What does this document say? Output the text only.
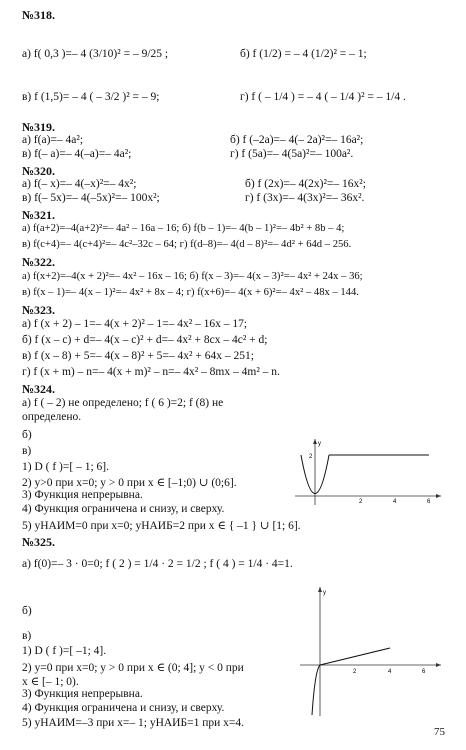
№318.
а) f( 0,3 )=– 4 (3/10)² = – 9/25 ;	б) f (1/2) = – 4 (1/2)² = – 1;
в) f (1,5)= – 4 ( – 3/2 )² = – 9;	г) f ( – 1/4 ) = – 4 ( – 1/4 )² = – 1/4 .
№319.
а) f(a)=– 4a²;	б) f (–2a)=– 4(– 2a)²=– 16a²;
в) f(– a)=– 4(–a)=– 4a²;	г) f (5a)=– 4(5a)²=– 100a².
№320.
а) f(– x)=– 4(–x)²=– 4x²;	б) f (2x)=– 4(2x)²=– 16x²;
в) f(– 5x)=– 4(–5x)²=– 100x²;	г) f (3x)=– 4(3x)²=– 36x².
№321.
а) f(a+2)=–4(a+2)²=– 4a² – 16a – 16; б) f(b – 1)=– 4(b – 1)²=– 4b² + 8b – 4;
в) f(c+4)=– 4(c+4)²=– 4c²–32c – 64; г) f(d–8)=– 4(d – 8)²=– 4d² + 64d – 256.
№322.
а) f(x+2)=–4(x + 2)²=– 4x² – 16x – 16; б) f(x – 3)=– 4(x – 3)²=– 4x² + 24x – 36;
в) f(x – 1)=– 4(x – 1)²=– 4x² + 8x – 4; г) f(x+6)=– 4(x + 6)²=– 4x² – 48x – 144.
№323.
а) f (x + 2) – 1=– 4(x + 2)² – 1=– 4x² – 16x – 17;
б) f (x – c) + d=– 4(x – c)² + d=– 4x² + 8cx – 4c² + d;
в) f (x – 8) + 5=– 4(x – 8)² + 5=– 4x² + 64x – 251;
г) f (x + m) – n=– 4(x + m)² – n=– 4x² – 8mx – 4m² – n.
№324.
а) f ( – 2) не определено; f ( 6 )=2; f (8) не
определено.
б)
в)
1) D ( f )=[ – 1; 6].
2) y>0 при x=0; y > 0 при x ∈ [–1;0) ∪ (0;6].
3) Функция непрерывна.
4) Функция ограничена и снизу, и сверху.
5) yНАИМ=0 при x=0; yНАИБ=2 при x ∈ { –1 } ∪ [1; 6].
y
2
2	4	6
№325.
а) f(0)=– 3 · 0=0; f ( 2 ) = 1/4 · 2 = 1/2 ; f ( 4 ) = 1/4 · 4=1.
б)
в)
1) D ( f )=[ –1; 4].
2) y=0 при x=0; y > 0 при x ∈ (0; 4]; y < 0 при
x ∈ [– 1; 0).
3) Функция непрерывна.
4) Функция ограничена и снизу, и сверху.
5) yНАИМ=–3 при x=– 1; yНАИБ=1 при x=4.
y
2	4	6
75
